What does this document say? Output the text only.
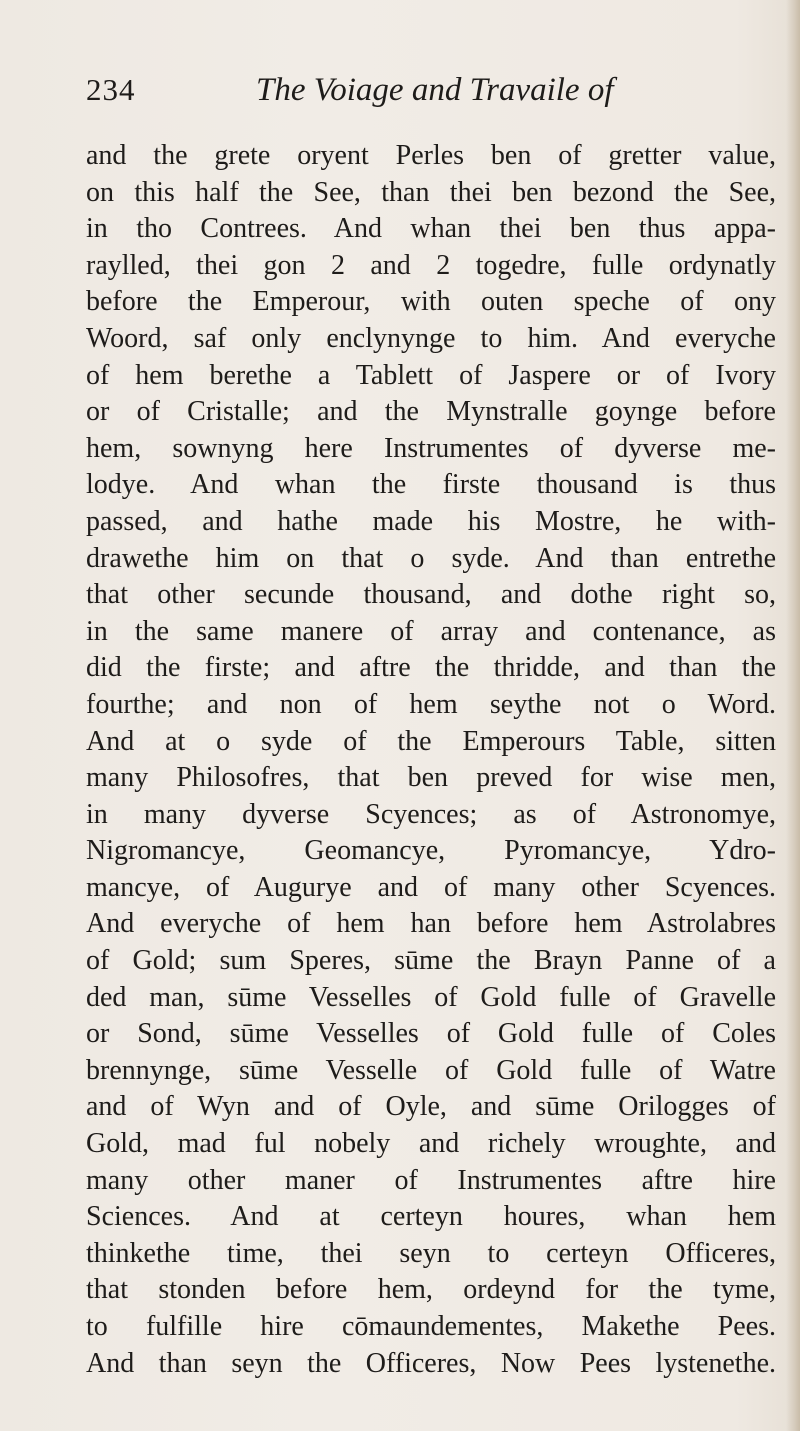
234	The Voiage and Travaile of
and the grete oryent Perles ben of gretter value,
on this half the See, than thei ben bezond the See,
in tho Contrees. And whan thei ben thus appa-
raylled, thei gon 2 and 2 togedre, fulle ordynatly
before the Emperour, with outen speche of ony
Woord, saf only enclynynge to him. And everyche
of hem berethe a Tablett of Jaspere or of Ivory
or of Cristalle; and the Mynstralle goynge before
hem, sownyng here Instrumentes of dyverse me-
lodye. And whan the firste thousand is thus
passed, and hathe made his Mostre, he with-
drawethe him on that o syde. And than entrethe
that other secunde thousand, and dothe right so,
in the same manere of array and contenance, as
did the firste; and aftre the thridde, and than the
fourthe; and non of hem seythe not o Word.
And at o syde of the Emperours Table, sitten
many Philosofres, that ben preved for wise men,
in many dyverse Scyences; as of Astronomye,
Nigromancye, Geomancye, Pyromancye, Ydro-
mancye, of Augurye and of many other Scyences.
And everyche of hem han before hem Astrolabres
of Gold; sum Speres, sūme the Brayn Panne of a
ded man, sūme Vesselles of Gold fulle of Gravelle
or Sond, sūme Vesselles of Gold fulle of Coles
brennynge, sūme Vesselle of Gold fulle of Watre
and of Wyn and of Oyle, and sūme Orilogges of
Gold, mad ful nobely and richely wroughte, and
many other maner of Instrumentes aftre hire
Sciences. And at certeyn houres, whan hem
thinkethe time, thei seyn to certeyn Officeres,
that stonden before hem, ordeynd for the tyme,
to fulfille hire cōmaundementes, Makethe Pees.
And than seyn the Officeres, Now Pees lystenethe.
